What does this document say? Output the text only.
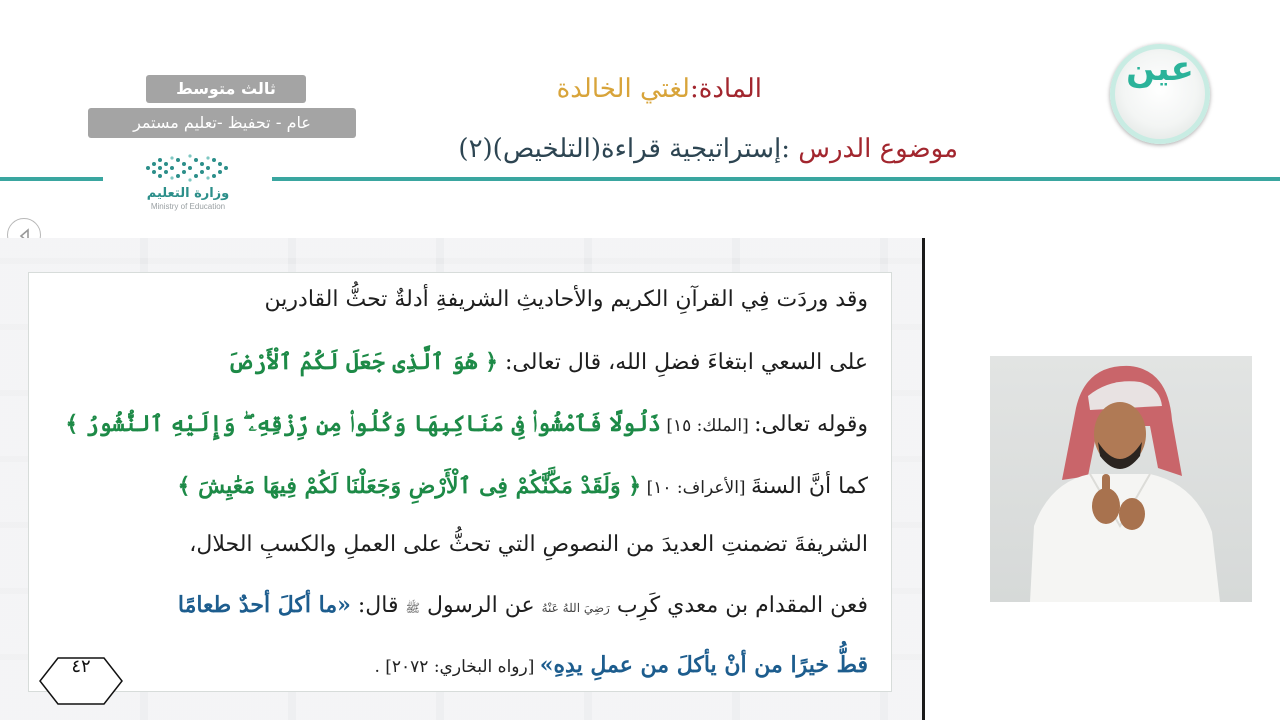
ثالث متوسط
عام - تحفيظ -تعليم مستمر
المادة:لغتي الخالدة
موضوع الدرس :إستراتيجية قراءة(التلخيص)(٢)
وزارة التعليم
Ministry of Education
عين
وقد وردَت فِي القرآنِ الكريم والأحاديثِ الشريفةِ أدلةٌ تحثُّ القادرين
على السعي ابتغاءَ فضلِ الله، قال تعالى: ﴿ هُوَ ٱلَّذِى جَعَلَ لَكُمُ ٱلْأَرْضَ
وقوله تعالى: [الملك: ١٥] ذَلُولًا فَٱمْشُوا۟ فِى مَنَاكِبِهَا وَكُلُوا۟ مِن رِّزْقِهِۦ ۖ وَإِلَيْهِ ٱلنُّشُورُ ﴾
كما أنَّ السنةَ [الأعراف: ١٠] ﴿ وَلَقَدْ مَكَّنَّٰكُمْ فِى ٱلْأَرْضِ وَجَعَلْنَا لَكُمْ فِيهَا مَعَٰيِشَ ﴾
الشريفةَ تضمنتِ العديدَ من النصوصِ التي تحثُّ على العملِ والكسبِ الحلال،
فعن المقدام بن معدي كَرِب رَضِيَ اللهُ عَنْهُ عن الرسول ﷺ قال: «ما أكلَ أحدٌ طعامًا
قطُّ خيرًا من أنْ يأكلَ من عملِ يدِهِ» [رواه البخاري: ٢٠٧٢] .
٤٢
